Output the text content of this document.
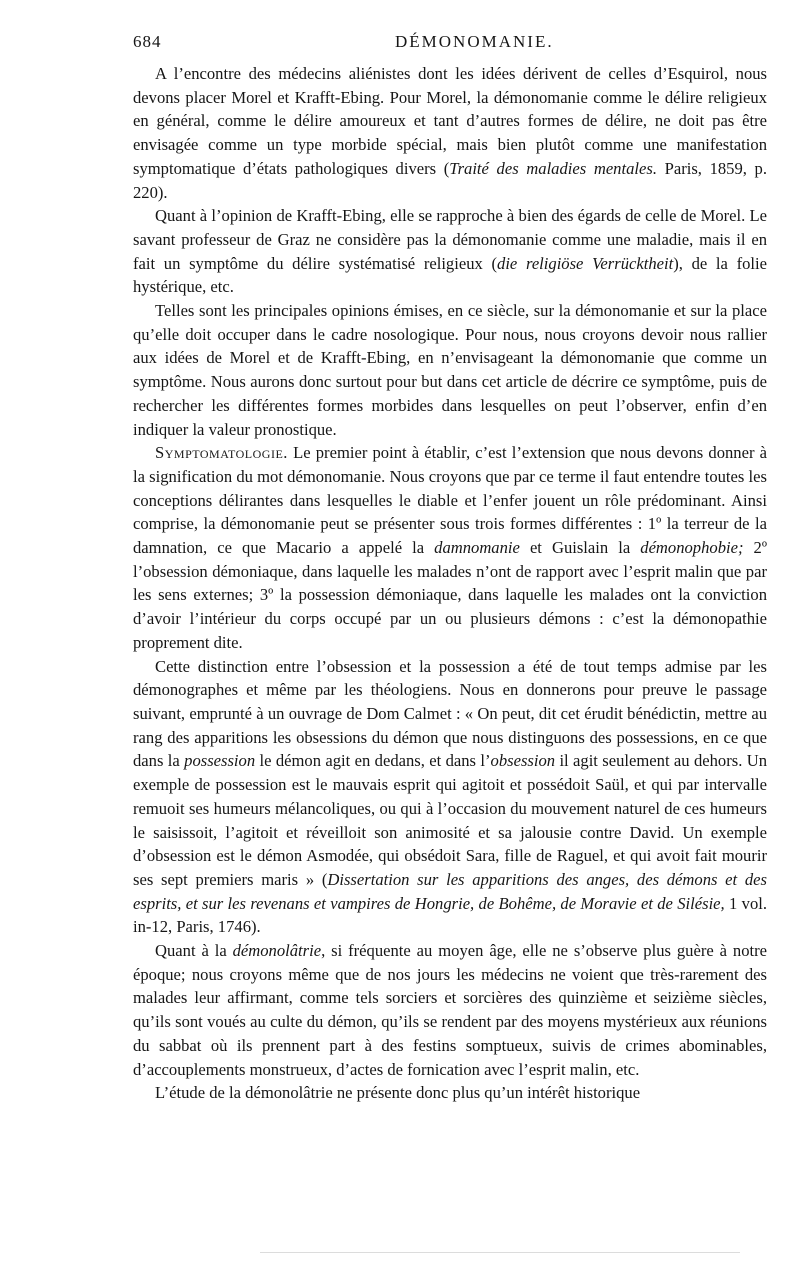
684	DÉMONOMANIE.

A l’encontre des médecins aliénistes dont les idées dérivent de celles d’Esquirol, nous devons placer Morel et Krafft-Ebing. Pour Morel, la démonomanie comme le délire religieux en général, comme le délire amoureux et tant d’autres formes de délire, ne doit pas être envisagée comme un type morbide spécial, mais bien plutôt comme une manifestation symptomatique d’états pathologiques divers (Traité des maladies mentales. Paris, 1859, p. 220).

Quant à l’opinion de Krafft-Ebing, elle se rapproche à bien des égards de celle de Morel. Le savant professeur de Graz ne considère pas la démonomanie comme une maladie, mais il en fait un symptôme du délire systématisé religieux (die religiöse Verrücktheit), de la folie hystérique, etc.

Telles sont les principales opinions émises, en ce siècle, sur la démonomanie et sur la place qu’elle doit occuper dans le cadre nosologique. Pour nous, nous croyons devoir nous rallier aux idées de Morel et de Krafft-Ebing, en n’envisageant la démonomanie que comme un symptôme. Nous aurons donc surtout pour but dans cet article de décrire ce symptôme, puis de rechercher les différentes formes morbides dans lesquelles on peut l’observer, enfin d’en indiquer la valeur pronostique.

Symptomatologie. Le premier point à établir, c’est l’extension que nous devons donner à la signification du mot démonomanie. Nous croyons que par ce terme il faut entendre toutes les conceptions délirantes dans lesquelles le diable et l’enfer jouent un rôle prédominant. Ainsi comprise, la démonomanie peut se présenter sous trois formes différentes : 1º la terreur de la damnation, ce que Macario a appelé la damnomanie et Guislain la démonophobie; 2º l’obsession démoniaque, dans laquelle les malades n’ont de rapport avec l’esprit malin que par les sens externes; 3º la possession démoniaque, dans laquelle les malades ont la conviction d’avoir l’intérieur du corps occupé par un ou plusieurs démons : c’est la démonopathie proprement dite.

Cette distinction entre l’obsession et la possession a été de tout temps admise par les démonographes et même par les théologiens. Nous en donnerons pour preuve le passage suivant, emprunté à un ouvrage de Dom Calmet : « On peut, dit cet érudit bénédictin, mettre au rang des apparitions les obsessions du démon que nous distinguons des possessions, en ce que dans la possession le démon agit en dedans, et dans l’obsession il agit seulement au dehors. Un exemple de possession est le mauvais esprit qui agitoit et possédoit Saül, et qui par intervalle remuoit ses humeurs mélancoliques, ou qui à l’occasion du mouvement naturel de ces humeurs le saisissoit, l’agitoit et réveilloit son animosité et sa jalousie contre David. Un exemple d’obsession est le démon Asmodée, qui obsédoit Sara, fille de Raguel, et qui avoit fait mourir ses sept premiers maris » (Dissertation sur les apparitions des anges, des démons et des esprits, et sur les revenans et vampires de Hongrie, de Bohême, de Moravie et de Silésie, 1 vol. in-12, Paris, 1746).

Quant à la démonolâtrie, si fréquente au moyen âge, elle ne s’observe plus guère à notre époque; nous croyons même que de nos jours les médecins ne voient que très-rarement des malades leur affirmant, comme tels sorciers et sorcières des quinzième et seizième siècles, qu’ils sont voués au culte du démon, qu’ils se rendent par des moyens mystérieux aux réunions du sabbat où ils prennent part à des festins somptueux, suivis de crimes abominables, d’accouplements monstrueux, d’actes de fornication avec l’esprit malin, etc.

L’étude de la démonolâtrie ne présente donc plus qu’un intérêt historique
